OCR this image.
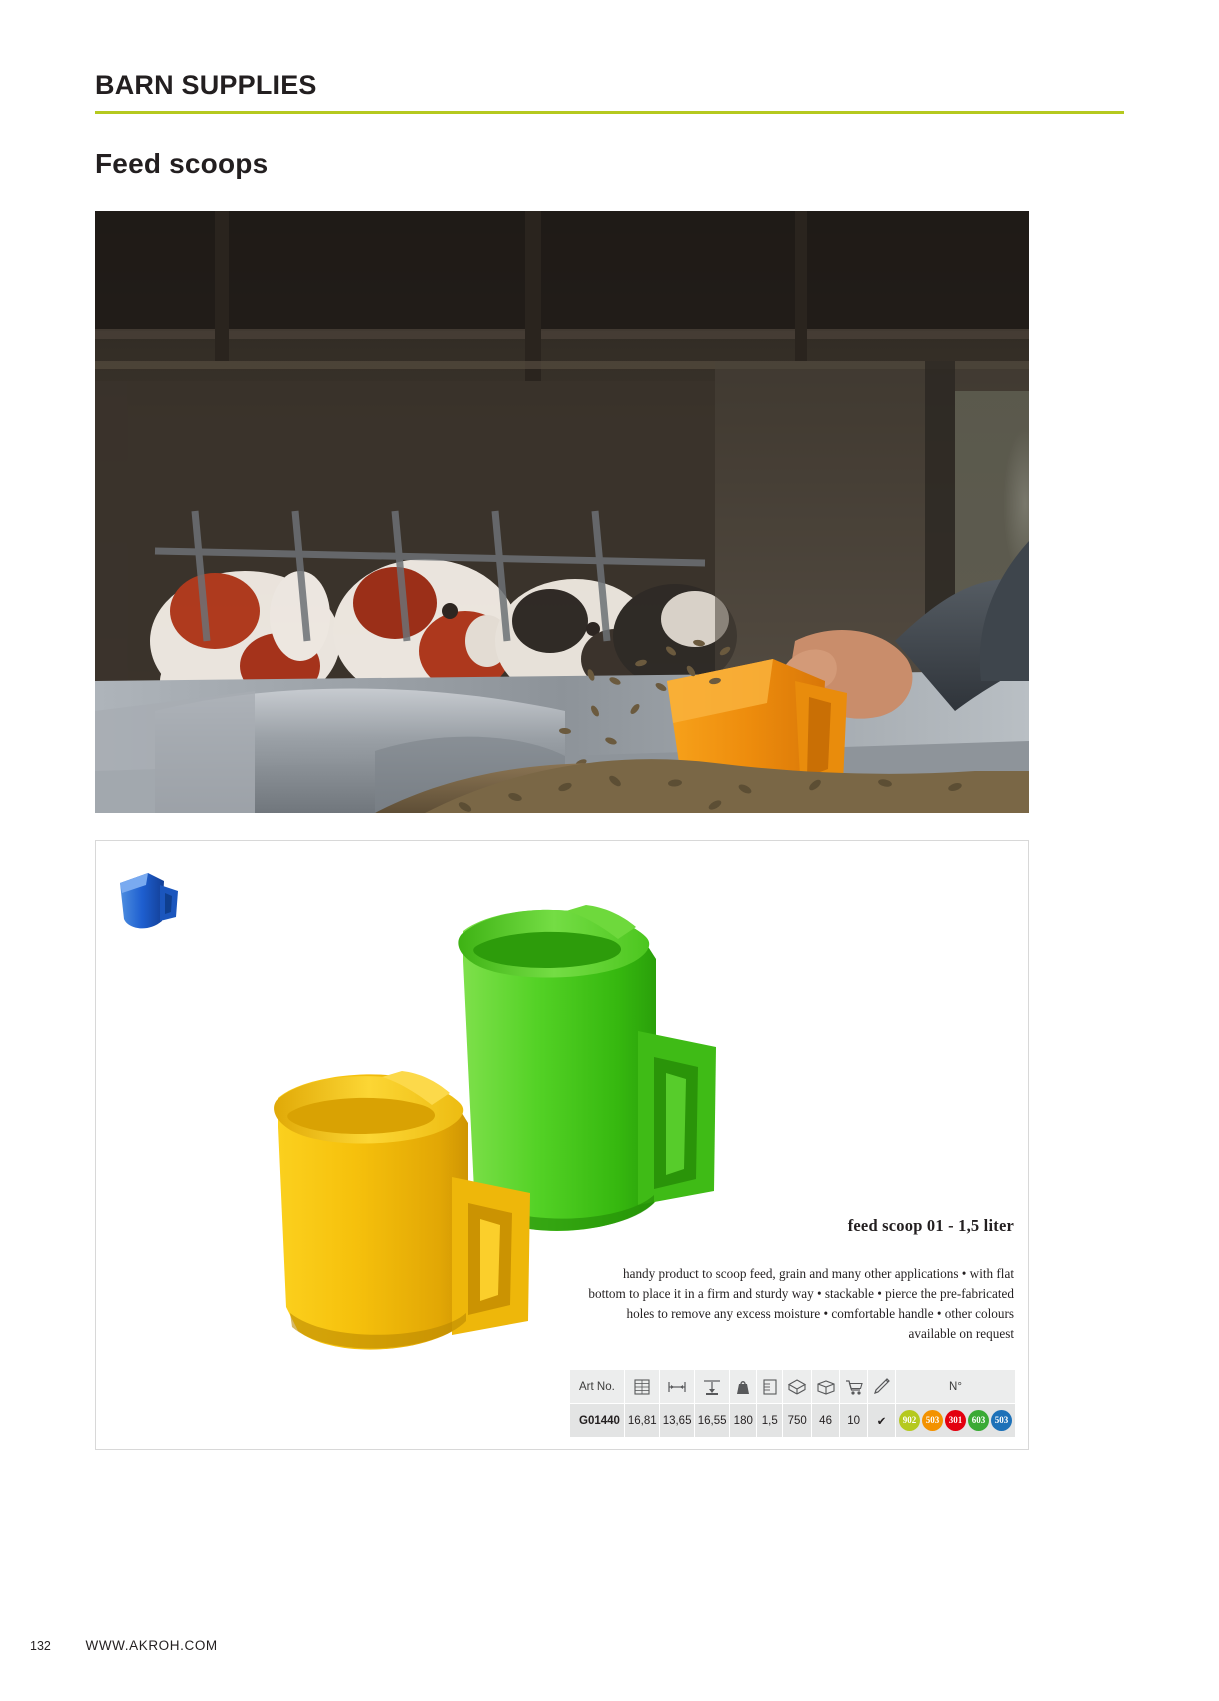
BARN SUPPLIES
Feed scoops
feed scoop 01 - 1,5 liter
handy product to scoop feed, grain and many other applications • with flat bottom to place it in a firm and sturdy way • stackable • pierce the pre-fabricated holes to remove any excess moisture • comfortable handle • other colours available on request
Art No.										N°
G01440	16,81	13,65	16,55	180	1,5	750	46	10	✔	902 503 301 603 503
132	WWW.AKROH.COM
